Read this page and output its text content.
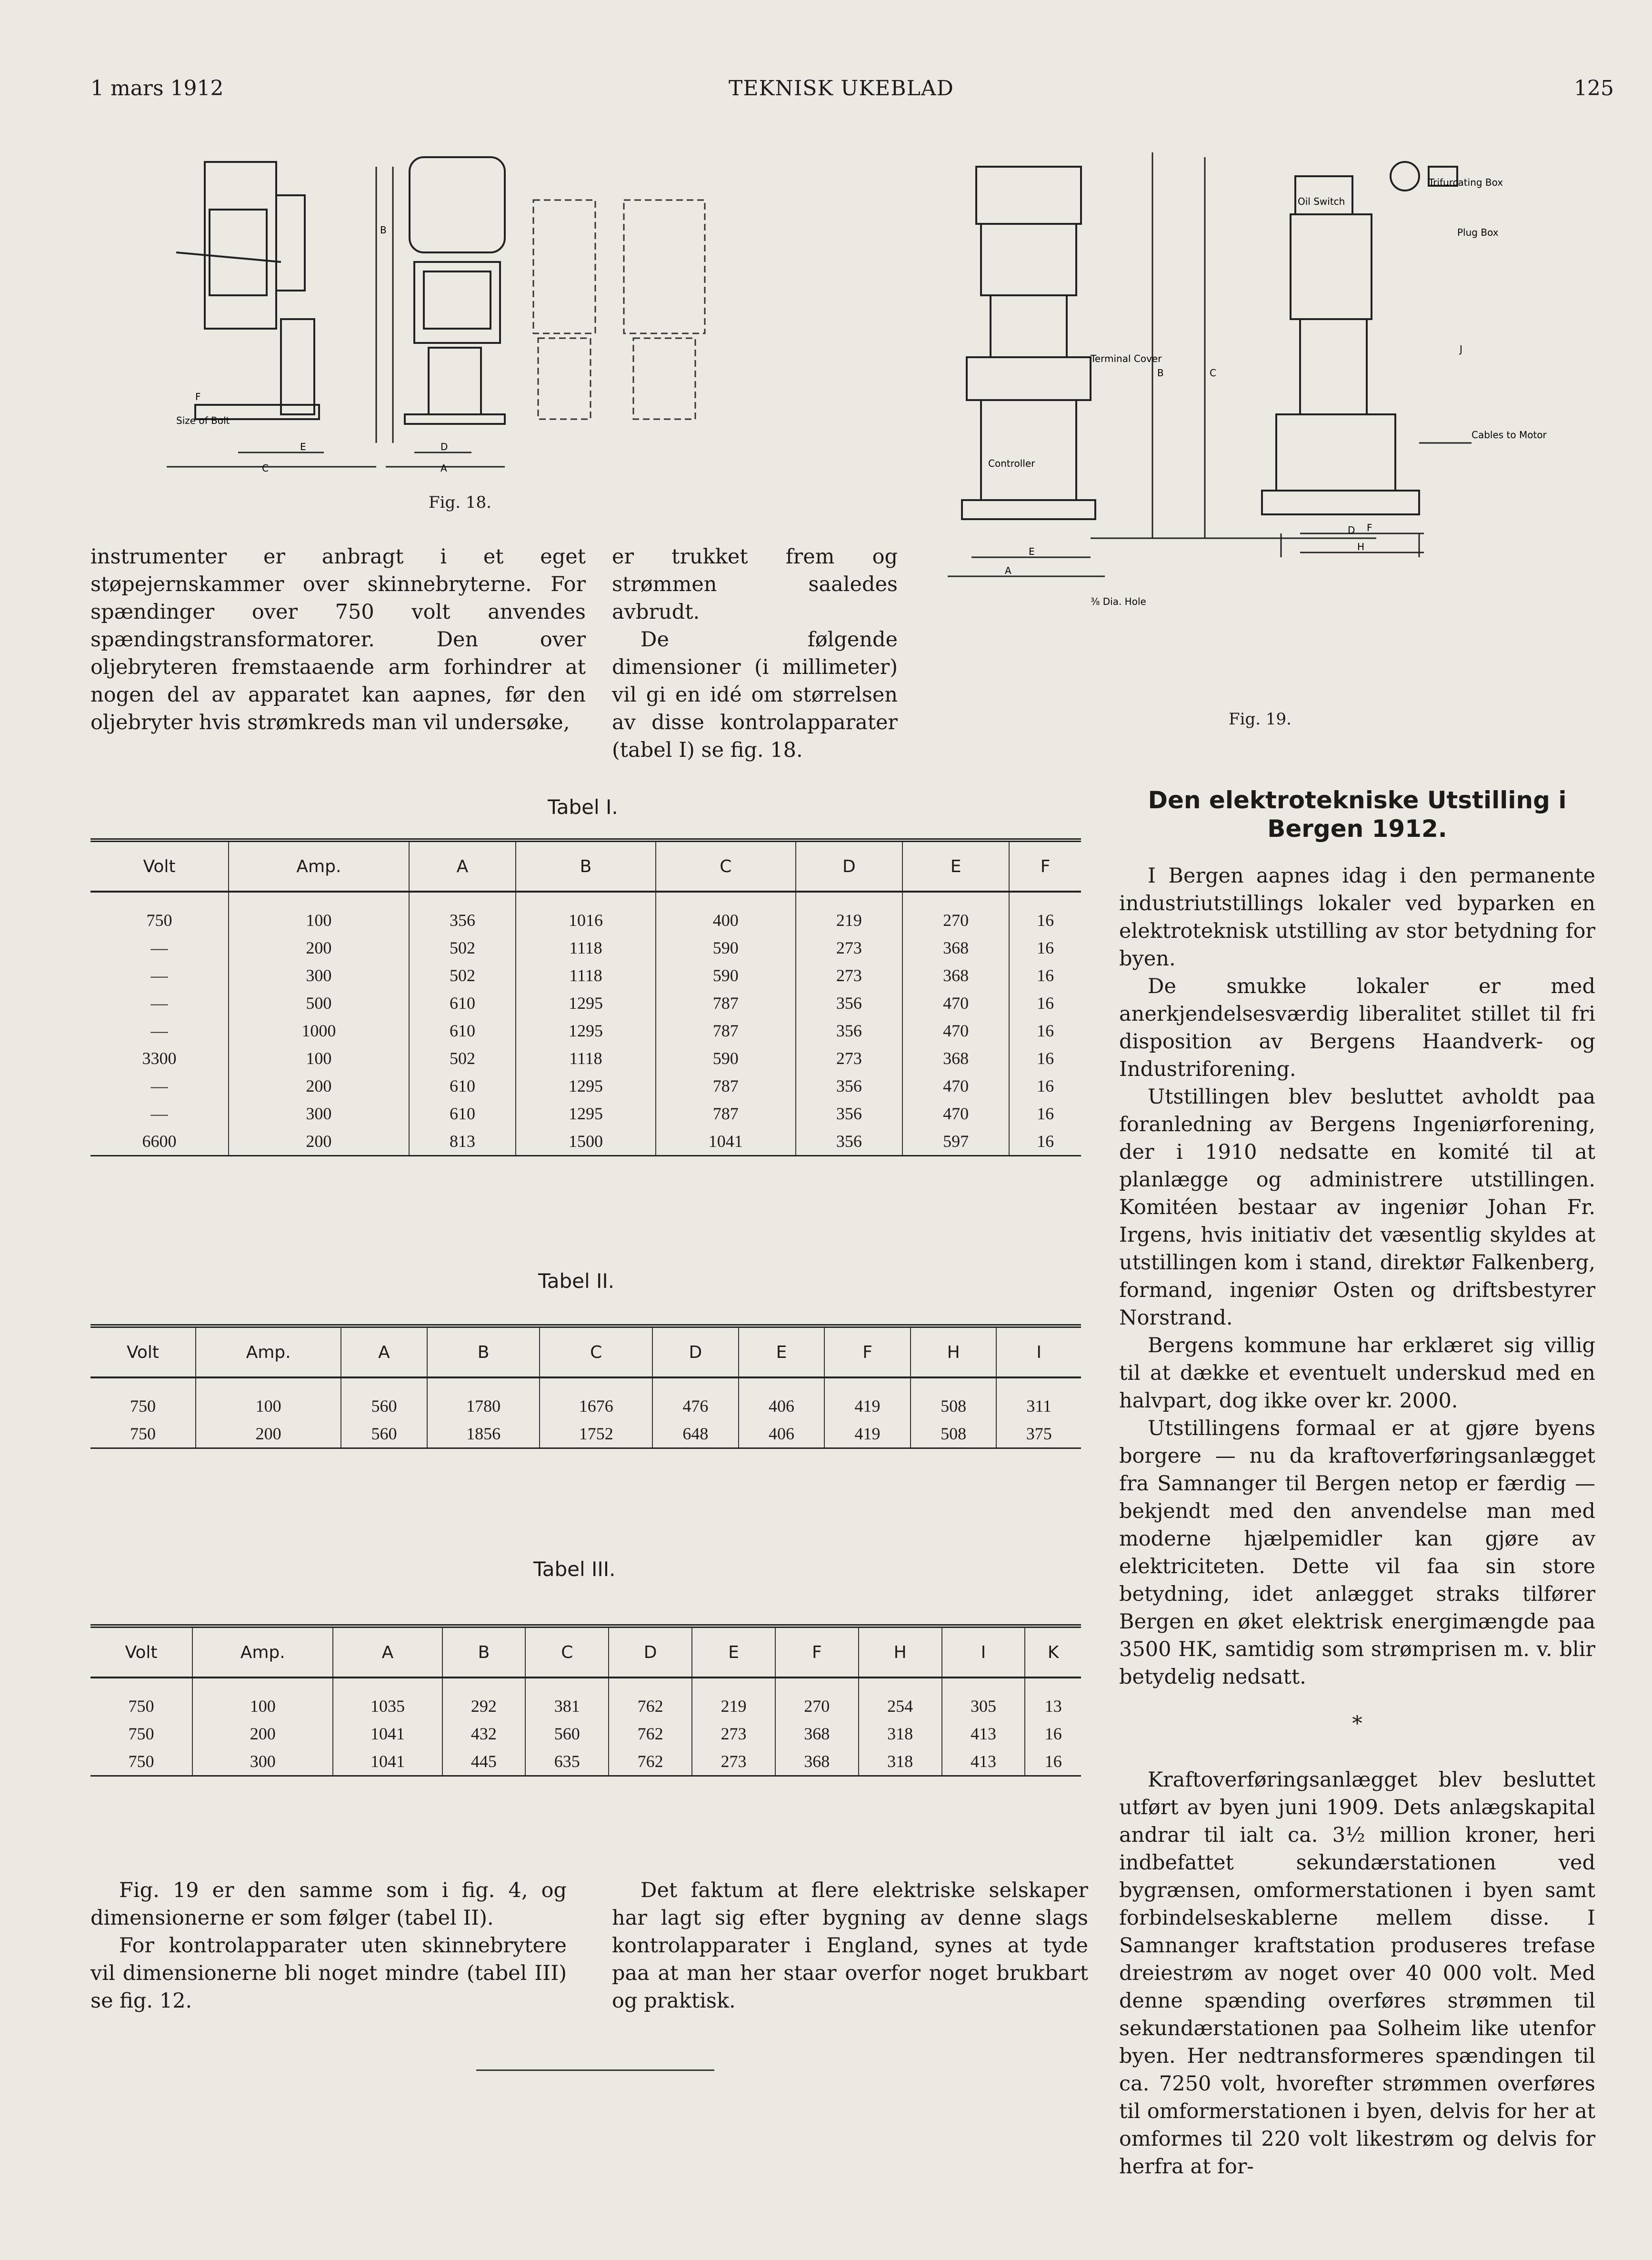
1 mars 1912	TEKNISK UKEBLAD	125
F
Size of Bolt
E
C	A
D
B
Fig. 18.
Oil Switch
Trifurcating Box
Plug Box
Terminal Cover
Controller
⅜ Dia. Hole
Cables to Motor
B	C
D
E
A
F
H
J
Fig. 19.

instrumenter er anbragt i et eget støpejernskammer over skinnebryterne. For spændinger over 750 volt anvendes spændingstransformatorer. Den over oljebryteren fremstaaende arm forhindrer at nogen del av apparatet kan aapnes, før den oljebryter hvis strømkreds man vil undersøke,

er trukket frem og strømmen saaledes avbrudt.

De følgende dimensioner (i millimeter) vil gi en idé om størrelsen av disse kontrolapparater (tabel I) se fig. 18.

Tabel I.
Volt	Amp.	A	B	C	D	E	F
750	100	356	1016	400	219	270	16
—	200	502	1118	590	273	368	16
—	300	502	1118	590	273	368	16
—	500	610	1295	787	356	470	16
—	1000	610	1295	787	356	470	16
3300	100	502	1118	590	273	368	16
—	200	610	1295	787	356	470	16
—	300	610	1295	787	356	470	16
6600	200	813	1500	1041	356	597	16
Tabel II.
Volt	Amp.	A	B	C	D	E	F	H	I
750	100	560	1780	1676	476	406	419	508	311
750	200	560	1856	1752	648	406	419	508	375
Tabel III.
Volt	Amp.	A	B	C	D	E	F	H	I	K
750	100	1035	292	381	762	219	270	254	305	13
750	200	1041	432	560	762	273	368	318	413	16
750	300	1041	445	635	762	273	368	318	413	16

Fig. 19 er den samme som i fig. 4, og dimensionerne er som følger (tabel II).

For kontrolapparater uten skinnebrytere vil dimensionerne bli noget mindre (tabel III) se fig. 12.

Det faktum at flere elektriske selskaper har lagt sig efter bygning av denne slags kontrolapparater i England, synes at tyde paa at man her staar overfor noget brukbart og praktisk.

Den elektrotekniske Utstilling i Bergen 1912.

I Bergen aapnes idag i den permanente industriutstillings lokaler ved byparken en elektroteknisk utstilling av stor betydning for byen.

De smukke lokaler er med anerkjendelsesværdig liberalitet stillet til fri disposition av Bergens Haandverk- og Industriforening.

Utstillingen blev besluttet avholdt paa foranledning av Bergens Ingeniørforening, der i 1910 nedsatte en komité til at planlægge og administrere utstillingen. Komitéen bestaar av ingeniør Johan Fr. Irgens, hvis initiativ det væsentlig skyldes at utstillingen kom i stand, direktør Falkenberg, formand, ingeniør Osten og driftsbestyrer Norstrand.

Bergens kommune har erklæret sig villig til at dække et eventuelt underskud med en halvpart, dog ikke over kr. 2000.

Utstillingens formaal er at gjøre byens borgere — nu da kraftoverføringsanlægget fra Samnanger til Bergen netop er færdig — bekjendt med den anvendelse man med moderne hjælpemidler kan gjøre av elektriciteten. Dette vil faa sin store betydning, idet anlægget straks tilfører Bergen en øket elektrisk energimængde paa 3500 HK, samtidig som strømprisen m. v. blir betydelig nedsatt.

*

Kraftoverføringsanlægget blev besluttet utført av byen juni 1909. Dets anlægskapital andrar til ialt ca. 3½ million kroner, heri indbefattet sekundærstationen ved bygrænsen, omformerstationen i byen samt forbindelseskablerne mellem disse. I Samnanger kraftstation produseres trefase dreiestrøm av noget over 40 000 volt. Med denne spænding overføres strømmen til sekundærstationen paa Solheim like utenfor byen. Her nedtransformeres spændingen til ca. 7250 volt, hvorefter strømmen overføres til omformerstationen i byen, delvis for her at omformes til 220 volt likestrøm og delvis for herfra at for-
